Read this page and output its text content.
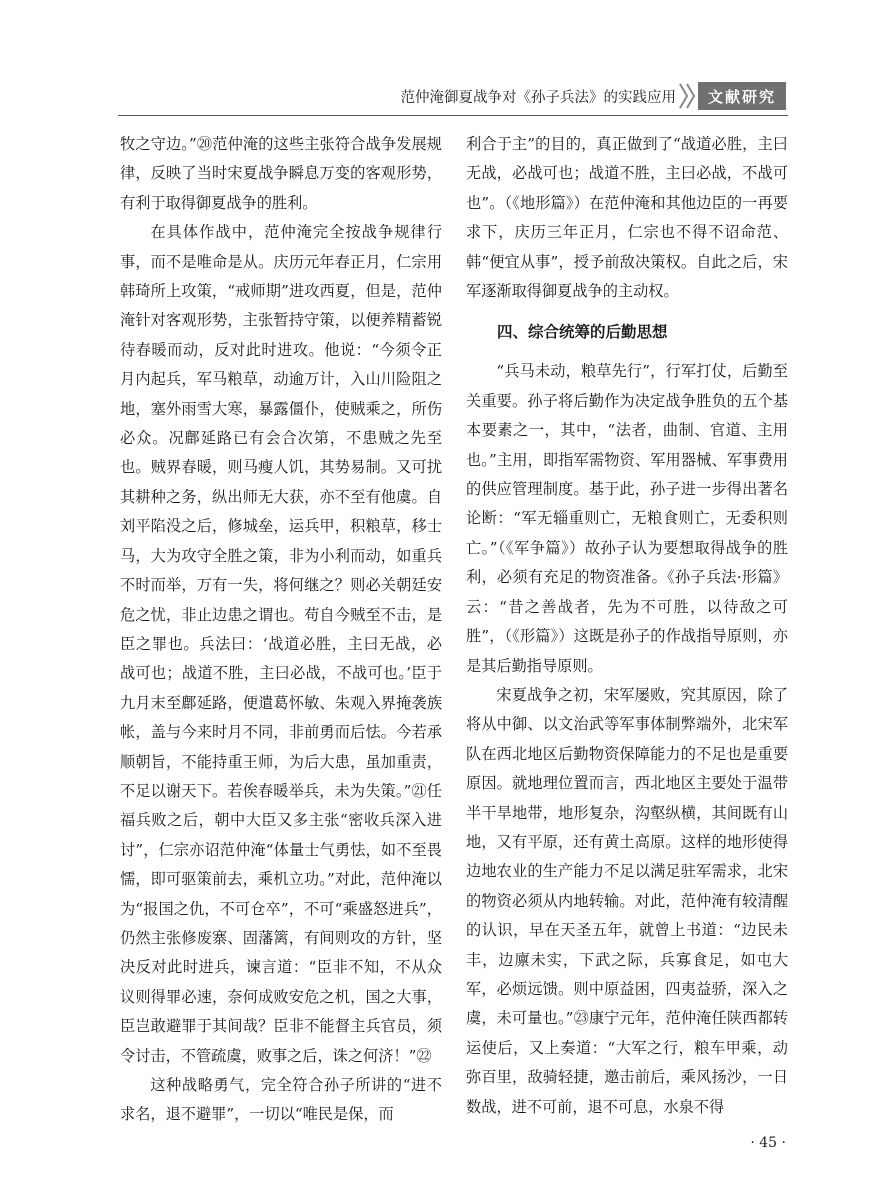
范仲淹御夏战争对《孙子兵法》的实践应用	文献研究

牧之守边。”⑳范仲淹的这些主张符合战争发展规律，反映了当时宋夏战争瞬息万变的客观形势，有利于取得御夏战争的胜利。

在具体作战中，范仲淹完全按战争规律行事，而不是唯命是从。庆历元年春正月，仁宗用韩琦所上攻策，“戒师期”进攻西夏，但是，范仲淹针对客观形势，主张暂持守策，以便养精蓄锐待春暖而动，反对此时进攻。他说：“今须令正月内起兵，军马粮草，动逾万计，入山川险阻之地，塞外雨雪大寒，暴露僵仆，使贼乘之，所伤必众。况鄜延路已有会合次第，不患贼之先至也。贼界春暖，则马瘦人饥，其势易制。又可扰其耕种之务，纵出师无大获，亦不至有他虞。自刘平陷没之后，修城垒，运兵甲，积粮草，移士马，大为攻守全胜之策，非为小利而动，如重兵不时而举，万有一失，将何继之？则必关朝廷安危之忧，非止边患之谓也。苟自今贼至不击，是臣之罪也。兵法曰：‘战道必胜，主曰无战，必战可也；战道不胜，主曰必战，不战可也。’臣于九月末至鄜延路，便遣葛怀敏、朱观入界掩袭族帐，盖与今来时月不同，非前勇而后怯。今若承顺朝旨，不能持重王师，为后大患，虽加重责，不足以谢天下。若俟春暖举兵，未为失策。”㉑任福兵败之后，朝中大臣又多主张“密收兵深入进讨”，仁宗亦诏范仲淹“体量士气勇怯，如不至畏懦，即可驱策前去，乘机立功。”对此，范仲淹以为“报国之仇，不可仓卒”，不可“乘盛怒进兵”，仍然主张修废寨、固藩篱，有间则攻的方针，坚决反对此时进兵，谏言道：“臣非不知，不从众议则得罪必速，奈何成败安危之机，国之大事，臣岂敢避罪于其间哉？臣非不能督主兵官员，须令讨击，不管疏虞，败事之后，诛之何济！”㉒

这种战略勇气，完全符合孙子所讲的“进不求名，退不避罪”，一切以“唯民是保，而

利合于主”的目的，真正做到了“战道必胜，主曰无战，必战可也；战道不胜，主曰必战，不战可也”。（《地形篇》）在范仲淹和其他边臣的一再要求下，庆历三年正月，仁宗也不得不诏命范、韩“便宜从事”，授予前敌决策权。自此之后，宋军逐渐取得御夏战争的主动权。

四、综合统筹的后勤思想

“兵马未动，粮草先行”，行军打仗，后勤至关重要。孙子将后勤作为决定战争胜负的五个基本要素之一，其中，“法者，曲制、官道、主用也。”主用，即指军需物资、军用器械、军事费用的供应管理制度。基于此，孙子进一步得出著名论断：“军无辎重则亡，无粮食则亡，无委积则亡。”（《军争篇》）故孙子认为要想取得战争的胜利，必须有充足的物资准备。《孙子兵法·形篇》云：“昔之善战者，先为不可胜，以待敌之可胜”，（《形篇》）这既是孙子的作战指导原则，亦是其后勤指导原则。

宋夏战争之初，宋军屡败，究其原因，除了将从中御、以文治武等军事体制弊端外，北宋军队在西北地区后勤物资保障能力的不足也是重要原因。就地理位置而言，西北地区主要处于温带半干旱地带，地形复杂，沟壑纵横，其间既有山地，又有平原，还有黄土高原。这样的地形使得边地农业的生产能力不足以满足驻军需求，北宋的物资必须从内地转输。对此，范仲淹有较清醒的认识，早在天圣五年，就曾上书道：“边民未丰，边廪未实，下武之际，兵寡食足，如屯大军，必烦远馈。则中原益困，四夷益骄，深入之虞，未可量也。”㉓康宁元年，范仲淹任陕西都转运使后，又上奏道：“大军之行，粮车甲乘，动弥百里，敌骑轻捷，邀击前后，乘风扬沙，一日数战，进不可前，退不可息，水泉不得

· 45 ·
